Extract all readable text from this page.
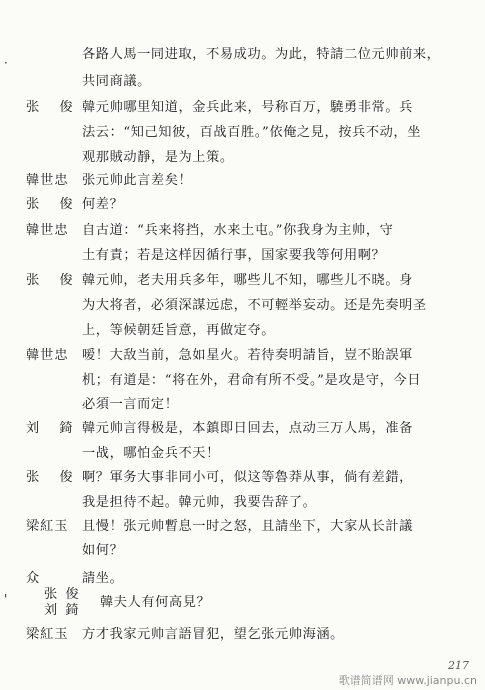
·
'
各路人馬一同进取，不易成功。为此，特請二位元帅前来，
共同商議。
张 俊 韓元帅哪里知道，金兵此来，号称百万，驍勇非常。兵
法云：“知己知彼，百战百胜。”依俺之見，按兵不动，坐
观那賊动靜，是为上策。
韓世忠 张元帅此言差矣！
张 俊 何差？
韓世忠 自古道：“兵来将挡，水来土屯。”你我身为主帅，守
土有責；若是这样因循行事，国家要我等何用啊？
张 俊 韓元帅，老夫用兵多年，哪些儿不知，哪些儿不晓。身
为大将者，必須深謀远虑，不可輕举妄动。还是先奏明圣
上，等候朝廷旨意，再做定夺。
韓世忠 嗳！大敌当前，急如星火。若待奏明請旨，豈不貽誤軍
机；有道是：“将在外，君命有所不受。”是攻是守，今日
必須一言而定！
刘 錡 韓元帅言得极是，本鎮即日回去，点动三万人馬，准备
一战，哪怕金兵不天！
张 俊 啊？軍务大事非同小可，似这等魯莽从事，倘有差錯，
我是担待不起。韓元帅，我要告辞了。
梁紅玉 且慢！张元帅暫息一时之怒，且請坐下，大家从长計議
如何？
众	請坐。
张 俊
刘 錡
韓夫人有何高見？
梁紅玉 方才我家元帅言語冒犯，望乞张元帅海涵。
217
歌谱简谱网 www.jianpu.cn
